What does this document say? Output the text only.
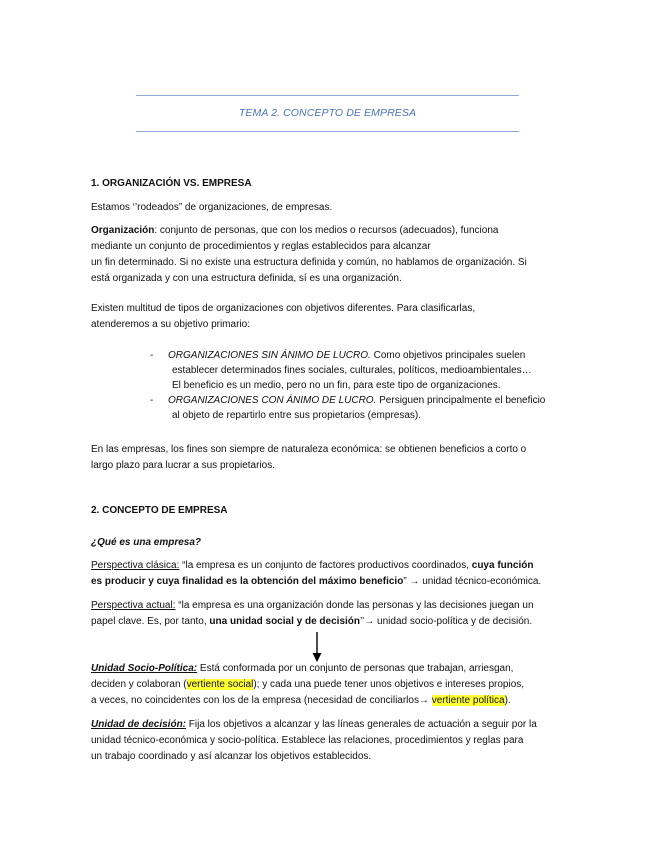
TEMA 2. CONCEPTO DE EMPRESA
1. ORGANIZACIÓN VS. EMPRESA
Estamos ‘’rodeados” de organizaciones, de empresas.
Organización: conjunto de personas, que con los medios o recursos (adecuados), funciona
mediante un conjunto de procedimientos y reglas establecidos para alcanzar
un fin determinado. Si no existe una estructura definida y común, no hablamos de organización. Si
está organizada y con una estructura definida, sí es una organización.
Existen multitud de tipos de organizaciones con objetivos diferentes. Para clasificarlas,
atenderemos a su objetivo primario:
- ORGANIZACIONES SIN ÁNIMO DE LUCRO. Como objetivos principales suelen
establecer determinados fines sociales, culturales, políticos, medioambientales…
El beneficio es un medio, pero no un fin, para este tipo de organizaciones.
- ORGANIZACIONES CON ÁNIMO DE LUCRO. Persiguen principalmente el beneficio
al objeto de repartirlo entre sus propietarios (empresas).
En las empresas, los fines son siempre de naturaleza económica: se obtienen beneficios a corto o
largo plazo para lucrar a sus propietarios.
2. CONCEPTO DE EMPRESA
¿Qué es una empresa?
Perspectiva clásica: “la empresa es un conjunto de factores productivos coordinados, cuya función
es producir y cuya finalidad es la obtención del máximo beneficio” → unidad técnico-económica.
Perspectiva actual: “la empresa es una organización donde las personas y las decisiones juegan un
papel clave. Es, por tanto, una unidad social y de decisión’’→ unidad socio-política y de decisión.
Unidad Socio-Política: Está conformada por un conjunto de personas que trabajan, arriesgan,
deciden y colaboran (vertiente social); y cada una puede tener unos objetivos e intereses propios,
a veces, no coincidentes con los de la empresa (necesidad de conciliarlos→ vertiente política).
Unidad de decisión: Fija los objetivos a alcanzar y las líneas generales de actuación a seguir por la
unidad técnico-económica y socio-política. Establece las relaciones, procedimientos y reglas para
un trabajo coordinado y así alcanzar los objetivos establecidos.
